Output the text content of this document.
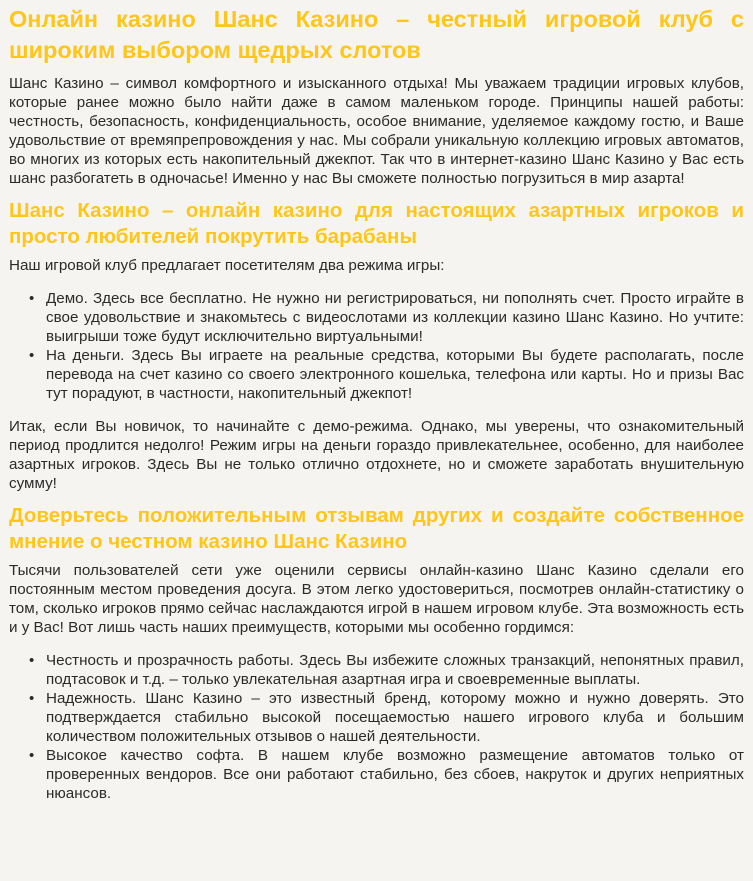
Онлайн казино Шанс Казино – честный игровой клуб с широким выбором щедрых слотов

Шанс Казино – символ комфортного и изысканного отдыха! Мы уважаем традиции игровых клубов, которые ранее можно было найти даже в самом маленьком городе. Принципы нашей работы: честность, безопасность, конфиденциальность, особое внимание, уделяемое каждому гостю, и Ваше удовольствие от времяпрепровождения у нас. Мы собрали уникальную коллекцию игровых автоматов, во многих из которых есть накопительный джекпот. Так что в интернет-казино Шанс Казино у Вас есть шанс разбогатеть в одночасье! Именно у нас Вы сможете полностью погрузиться в мир азарта!

Шанс Казино – онлайн казино для настоящих азартных игроков и просто любителей покрутить барабаны

Наш игровой клуб предлагает посетителям два режима игры:

• Демо. Здесь все бесплатно. Не нужно ни регистрироваться, ни пополнять счет. Просто играйте в свое удовольствие и знакомьтесь с видеослотами из коллекции казино Шанс Казино. Но учтите: выигрыши тоже будут исключительно виртуальными!
• На деньги. Здесь Вы играете на реальные средства, которыми Вы будете располагать, после перевода на счет казино со своего электронного кошелька, телефона или карты. Но и призы Вас тут порадуют, в частности, накопительный джекпот!

Итак, если Вы новичок, то начинайте с демо-режима. Однако, мы уверены, что ознакомительный период продлится недолго! Режим игры на деньги гораздо привлекательнее, особенно, для наиболее азартных игроков. Здесь Вы не только отлично отдохнете, но и сможете заработать внушительную сумму!

Доверьтесь положительным отзывам других и создайте собственное мнение о честном казино Шанс Казино

Тысячи пользователей сети уже оценили сервисы онлайн-казино Шанс Казино сделали его постоянным местом проведения досуга. В этом легко удостовериться, посмотрев онлайн-статистику о том, сколько игроков прямо сейчас наслаждаются игрой в нашем игровом клубе. Эта возможность есть и у Вас! Вот лишь часть наших преимуществ, которыми мы особенно гордимся:

• Честность и прозрачность работы. Здесь Вы избежите сложных транзакций, непонятных правил, подтасовок и т.д. – только увлекательная азартная игра и своевременные выплаты.
• Надежность. Шанс Казино – это известный бренд, которому можно и нужно доверять. Это подтверждается стабильно высокой посещаемостью нашего игрового клуба и большим количеством положительных отзывов о нашей деятельности.
• Высокое качество софта. В нашем клубе возможно размещение автоматов только от проверенных вендоров. Все они работают стабильно, без сбоев, накруток и других неприятных нюансов.
